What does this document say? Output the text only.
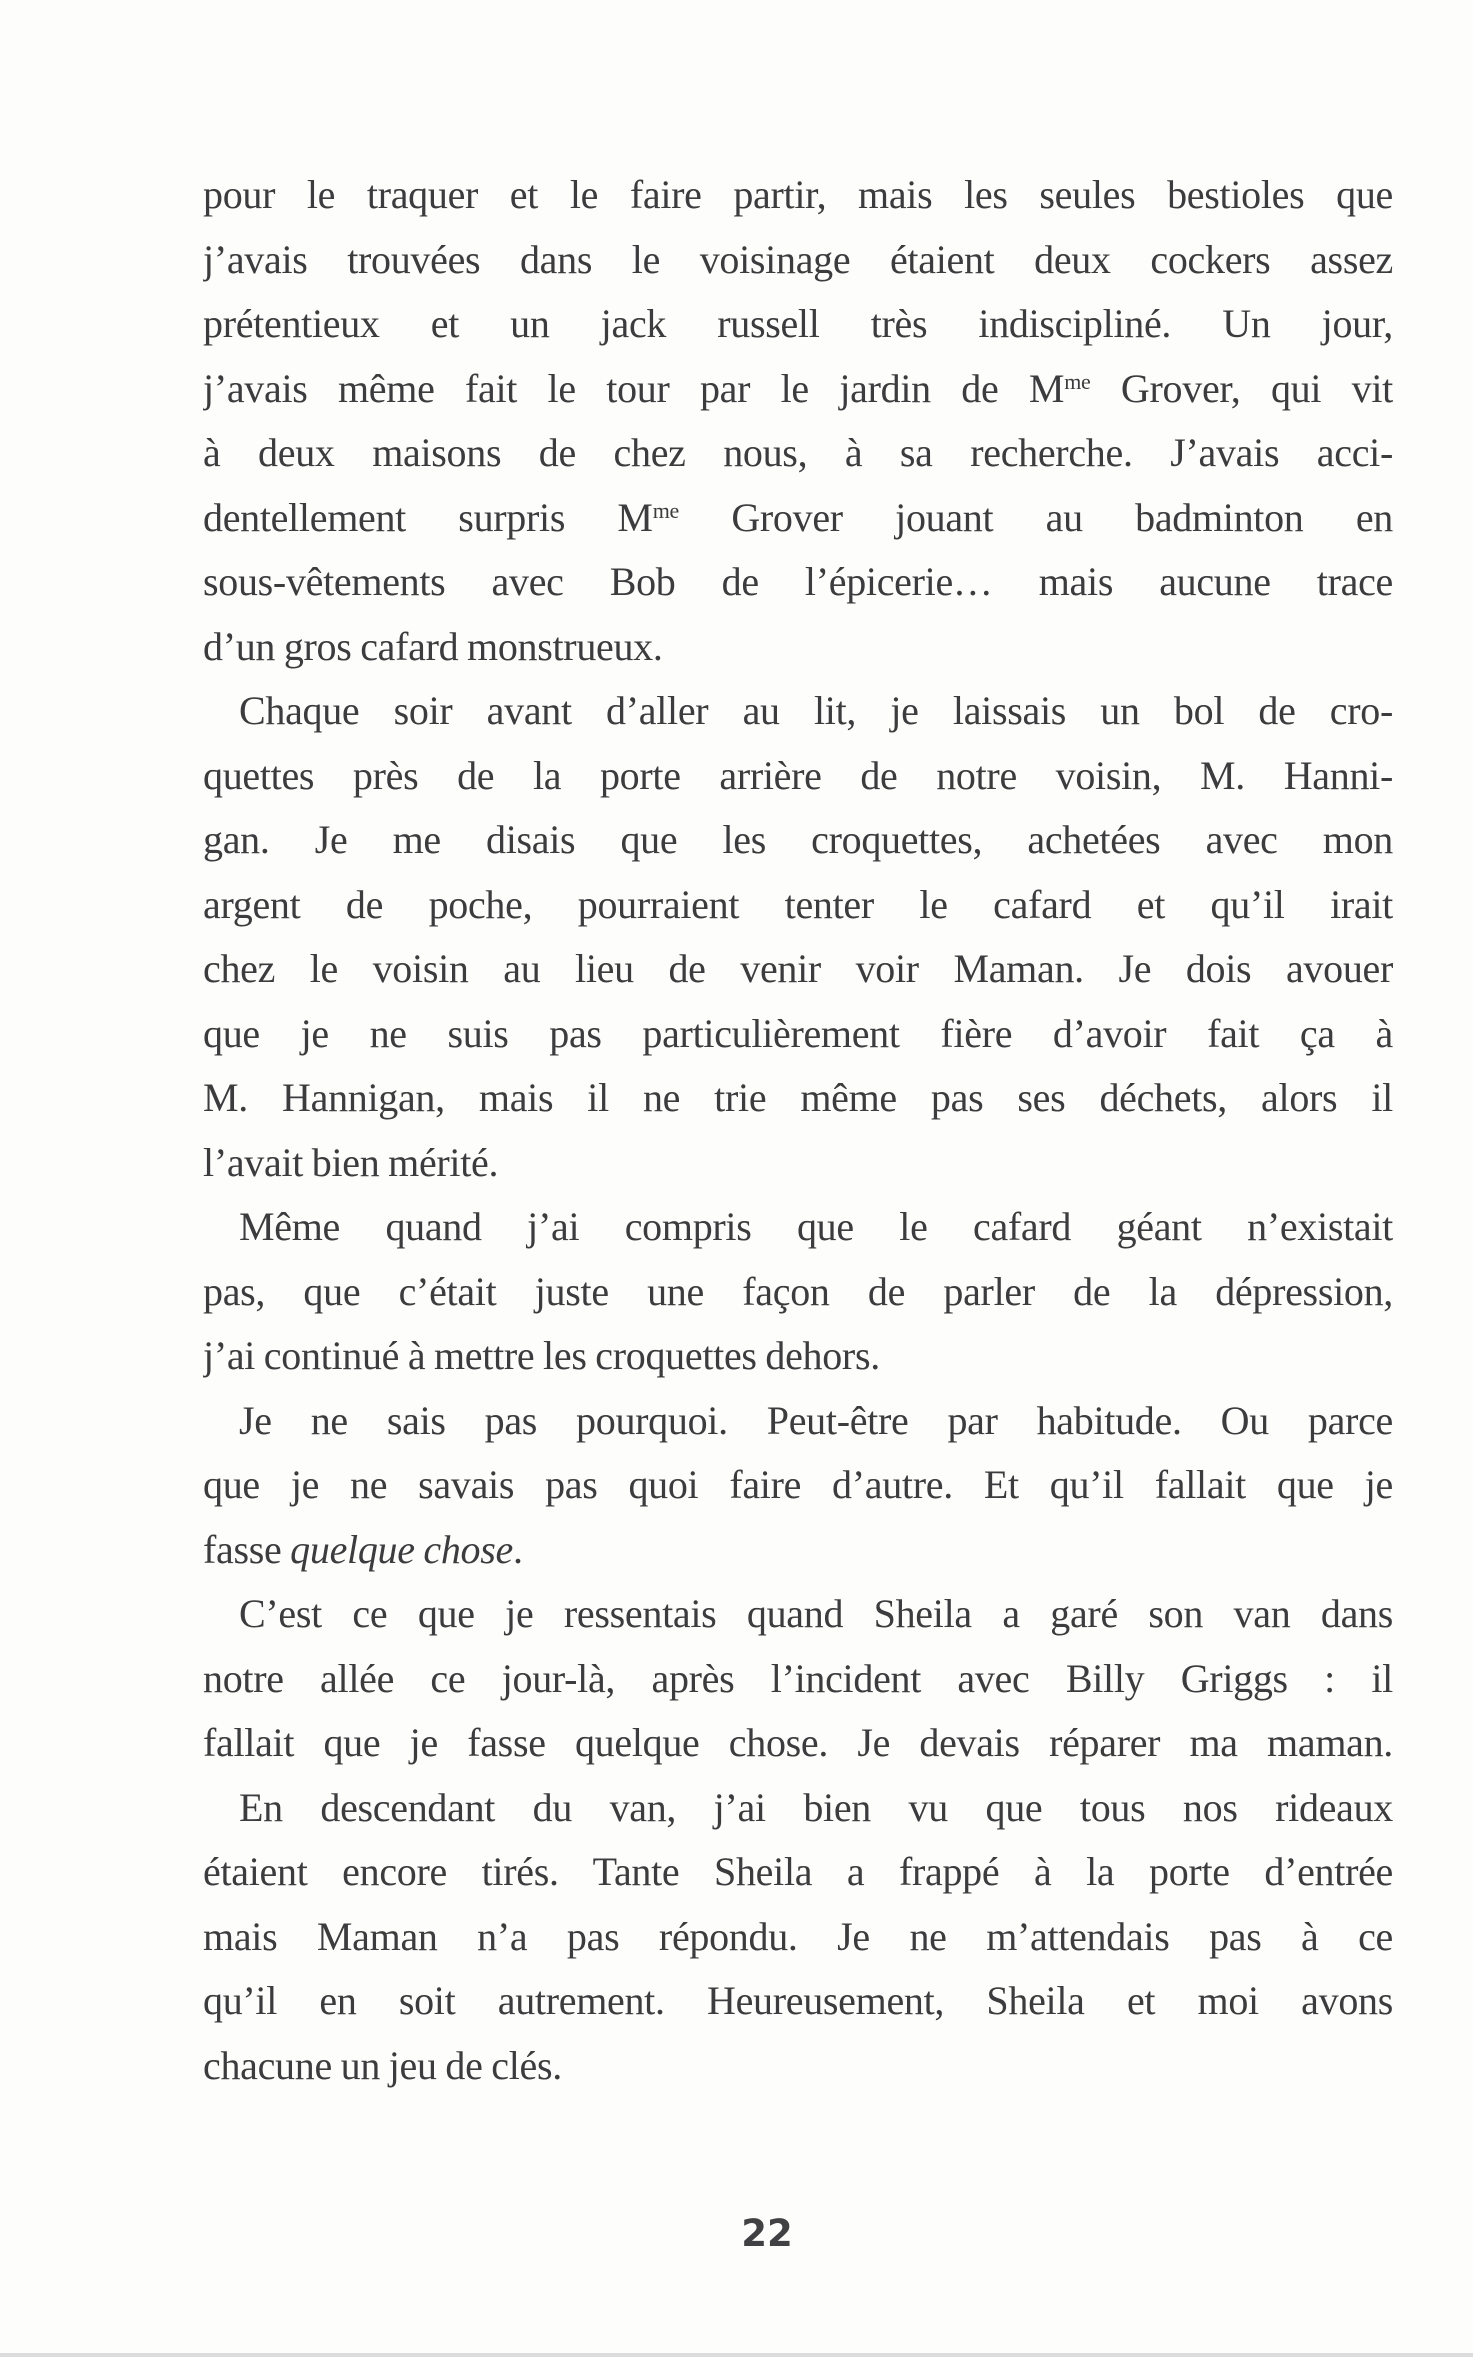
pour le traquer et le faire partir, mais les seules bestioles que
j’avais trouvées dans le voisinage étaient deux cockers assez
prétentieux et un jack russell très indiscipliné. Un jour,
j’avais même fait le tour par le jardin de $M^{me}$ Grover, qui vit
à deux maisons de chez nous, à sa recherche. J’avais acci-
dentellement surpris $M^{me}$ Grover jouant au badminton en
sous-vêtements avec Bob de l’épicerie… mais aucune trace
d’un gros cafard monstrueux.
Chaque soir avant d’aller au lit, je laissais un bol de cro-
quettes près de la porte arrière de notre voisin, M. Hanni-
gan. Je me disais que les croquettes, achetées avec mon
argent de poche, pourraient tenter le cafard et qu’il irait
chez le voisin au lieu de venir voir Maman. Je dois avouer
que je ne suis pas particulièrement fière d’avoir fait ça à
M. Hannigan, mais il ne trie même pas ses déchets, alors il
l’avait bien mérité.
Même quand j’ai compris que le cafard géant n’existait
pas, que c’était juste une façon de parler de la dépression,
j’ai continué à mettre les croquettes dehors.
Je ne sais pas pourquoi. Peut-être par habitude. Ou parce
que je ne savais pas quoi faire d’autre. Et qu’il fallait que je
fasse quelque chose.
C’est ce que je ressentais quand Sheila a garé son van dans
notre allée ce jour-là, après l’incident avec Billy Griggs : il
fallait que je fasse quelque chose. Je devais réparer ma maman.
En descendant du van, j’ai bien vu que tous nos rideaux
étaient encore tirés. Tante Sheila a frappé à la porte d’entrée
mais Maman n’a pas répondu. Je ne m’attendais pas à ce
qu’il en soit autrement. Heureusement, Sheila et moi avons
chacune un jeu de clés.
22
